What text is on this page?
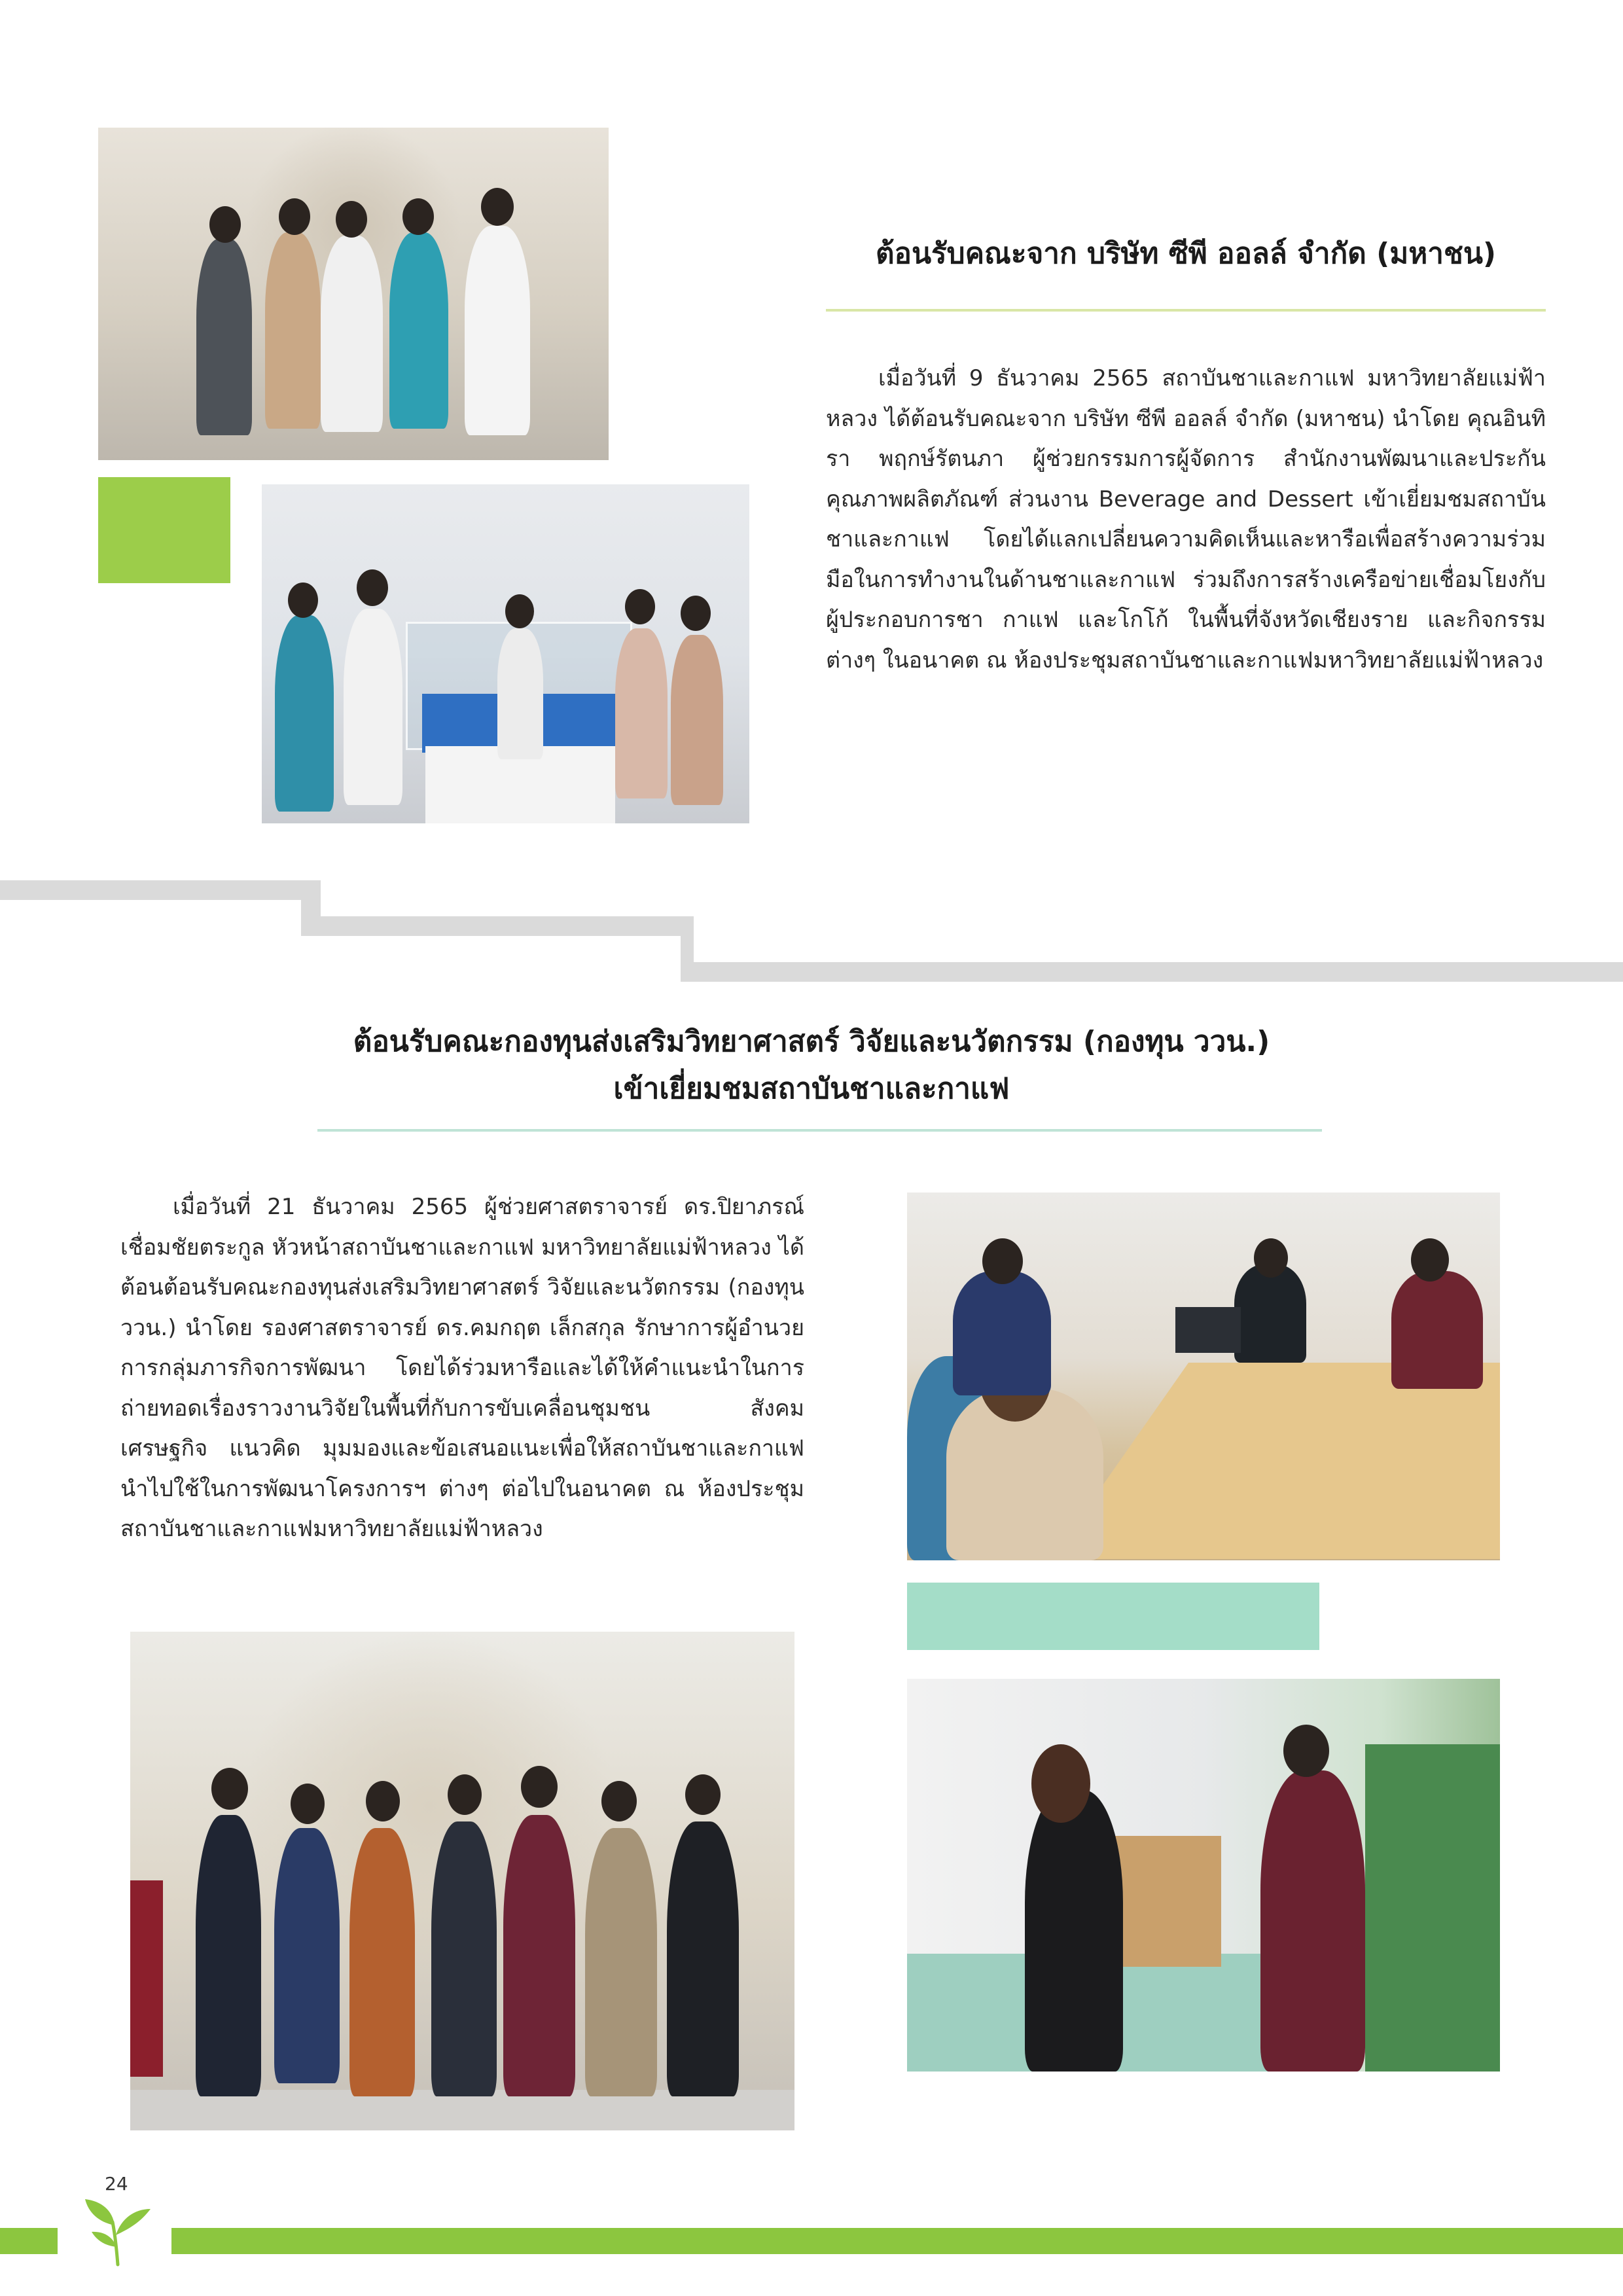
ต้อนรับคณะจาก บริษัท ซีพี ออลล์ จำกัด (มหาชน)

เมื่อวันที่ 9 ธันวาคม 2565 สถาบันชาและกาแฟ มหาวิทยาลัยแม่ฟ้าหลวง ได้ต้อนรับคณะจาก บริษัท ซีพี ออลล์ จำกัด (มหาชน) นำโดย คุณอินทิรา พฤกษ์รัตนภา ผู้ช่วยกรรมการผู้จัดการ สำนักงานพัฒนาและประกันคุณภาพผลิตภัณฑ์ ส่วนงาน Beverage and Dessert เข้าเยี่ยมชมสถาบันชาและกาแฟ โดยได้แลกเปลี่ยนความคิดเห็นและหารือเพื่อสร้างความร่วมมือในการทำงานในด้านชาและกาแฟ ร่วมถึงการสร้างเครือข่ายเชื่อมโยงกับผู้ประกอบการชา กาแฟ และโกโก้ ในพื้นที่จังหวัดเชียงราย และกิจกรรมต่างๆ ในอนาคต ณ ห้องประชุมสถาบันชาและกาแฟมหาวิทยาลัยแม่ฟ้าหลวง

ต้อนรับคณะกองทุนส่งเสริมวิทยาศาสตร์ วิจัยและนวัตกรรม (กองทุน ววน.)
เข้าเยี่ยมชมสถาบันชาและกาแฟ

เมื่อวันที่ 21 ธันวาคม 2565 ผู้ช่วยศาสตราจารย์ ดร.ปิยาภรณ์ เชื่อมชัยตระกูล หัวหน้าสถาบันชาและกาแฟ มหาวิทยาลัยแม่ฟ้าหลวง ได้ต้อนต้อนรับคณะกองทุนส่งเสริมวิทยาศาสตร์ วิจัยและนวัตกรรม (กองทุน ววน.) นำโดย รองศาสตราจารย์ ดร.คมกฤต เล็กสกุล รักษาการผู้อำนวยการกลุ่มภารกิจการพัฒนา โดยได้ร่วมหารือและได้ให้คำแนะนำในการถ่ายทอดเรื่องราวงานวิจัยในพื้นที่กับการขับเคลื่อนชุมชน สังคม เศรษฐกิจ แนวคิด มุมมองและข้อเสนอแนะเพื่อให้สถาบันชาและกาแฟ นำไปใช้ในการพัฒนาโครงการฯ ต่างๆ ต่อไปในอนาคต ณ ห้องประชุมสถาบันชาและกาแฟมหาวิทยาลัยแม่ฟ้าหลวง

24
